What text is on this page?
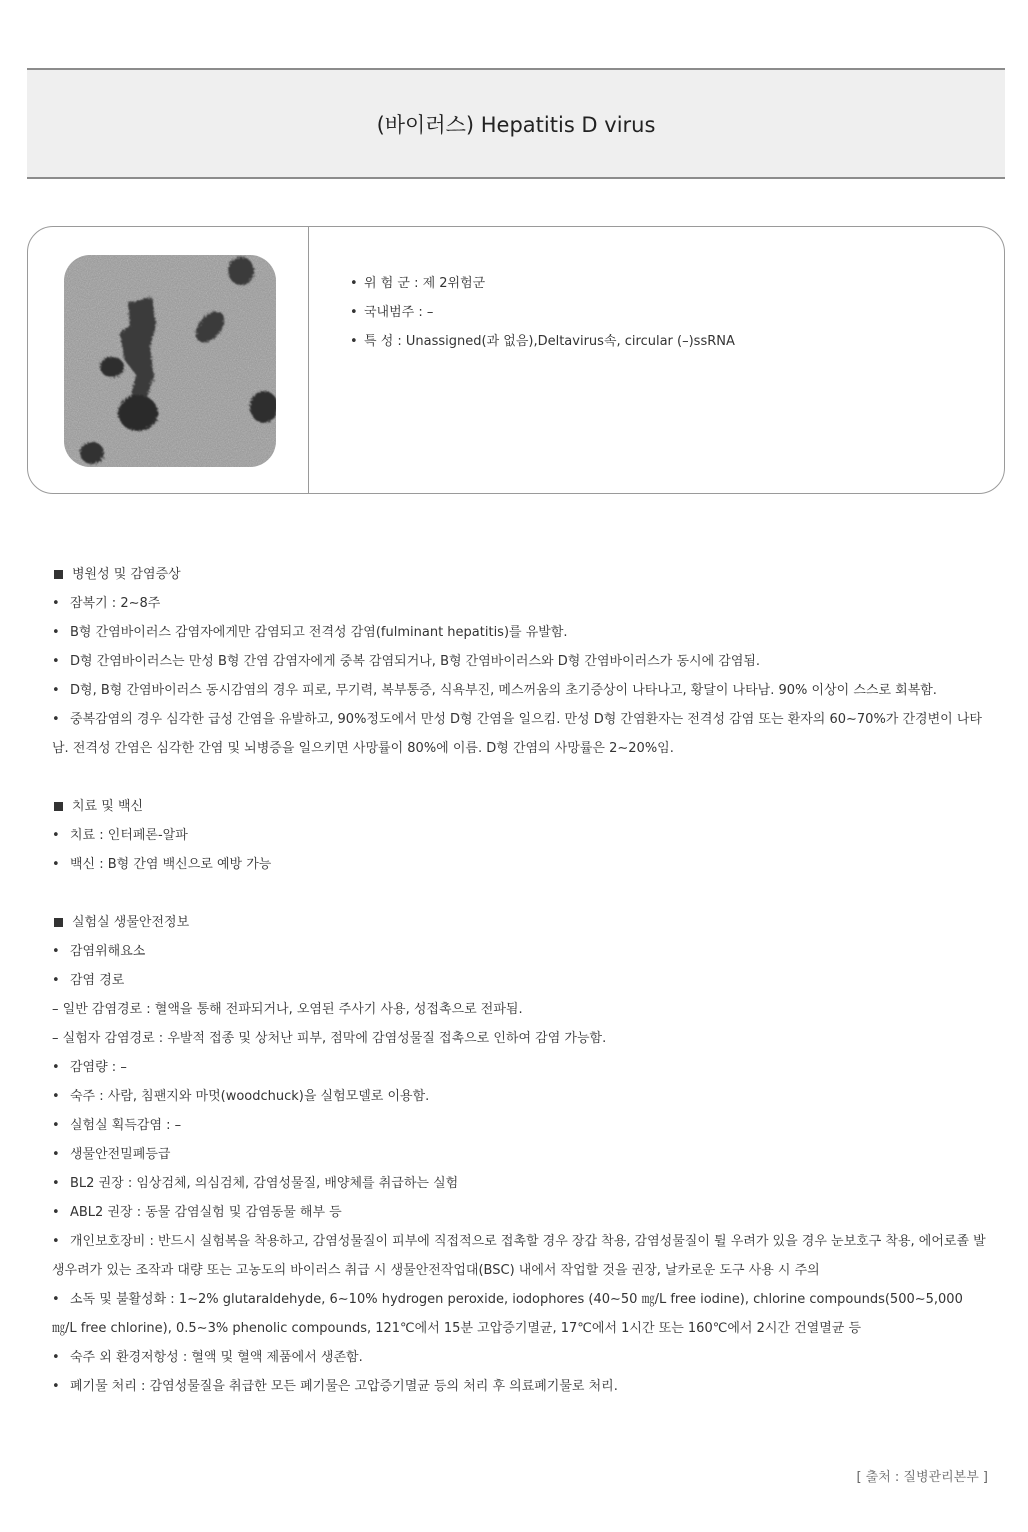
(바이러스) Hepatitis D virus
• 위 험 군 : 제 2위험군
• 국내범주 : –
• 특 성 : Unassigned(과 없음),Deltavirus속, circular (–)ssRNA
병원성 및 감염증상
• 잠복기 : 2∼8주
• B형 간염바이러스 감염자에게만 감염되고 전격성 감염(fulminant hepatitis)를 유발함.
• D형 간염바이러스는 만성 B형 간염 감염자에게 중복 감염되거나, B형 간염바이러스와 D형 간염바이러스가 동시에 감염됨.
• D형, B형 간염바이러스 동시감염의 경우 피로, 무기력, 복부통증, 식욕부진, 메스꺼움의 초기증상이 나타나고, 황달이 나타남. 90% 이상이 스스로 회복함.
• 중복감염의 경우 심각한 급성 간염을 유발하고, 90%정도에서 만성 D형 간염을 일으킴. 만성 D형 간염환자는 전격성 감염 또는 환자의 60∼70%가 간경변이 나타남. 전격성 간염은 심각한 간염 및 뇌병증을 일으키면 사망률이 80%에 이름. D형 간염의 사망률은 2∼20%임.
치료 및 백신
• 치료 : 인터페론-알파
• 백신 : B형 간염 백신으로 예방 가능
실험실 생물안전정보
• 감염위해요소
• 감염 경로
– 일반 감염경로 : 혈액을 통해 전파되거나, 오염된 주사기 사용, 성접촉으로 전파됨.
– 실험자 감염경로 : 우발적 접종 및 상처난 피부, 점막에 감염성물질 접촉으로 인하여 감염 가능함.
• 감염량 : –
• 숙주 : 사람, 침팬지와 마멋(woodchuck)을 실험모델로 이용함.
• 실험실 획득감염 : –
• 생물안전밀폐등급
• BL2 권장 : 임상검체, 의심검체, 감염성물질, 배양체를 취급하는 실험
• ABL2 권장 : 동물 감염실험 및 감염동물 해부 등
• 개인보호장비 : 반드시 실험복을 착용하고, 감염성물질이 피부에 직접적으로 접촉할 경우 장갑 착용, 감염성물질이 튈 우려가 있을 경우 눈보호구 착용, 에어로졸 발생우려가 있는 조작과 대량 또는 고농도의 바이러스 취급 시 생물안전작업대(BSC) 내에서 작업할 것을 권장, 날카로운 도구 사용 시 주의
• 소독 및 불활성화 : 1∼2% glutaraldehyde, 6∼10% hydrogen peroxide, iodophores (40∼50 ㎎/L free iodine), chlorine compounds(500∼5,000㎎/L free chlorine), 0.5∼3% phenolic compounds, 121℃에서 15분 고압증기멸균, 17℃에서 1시간 또는 160℃에서 2시간 건열멸균 등
• 숙주 외 환경저항성 : 혈액 및 혈액 제품에서 생존함.
• 폐기물 처리 : 감염성물질을 취급한 모든 폐기물은 고압증기멸균 등의 처리 후 의료폐기물로 처리.
[ 출처 : 질병관리본부 ]
